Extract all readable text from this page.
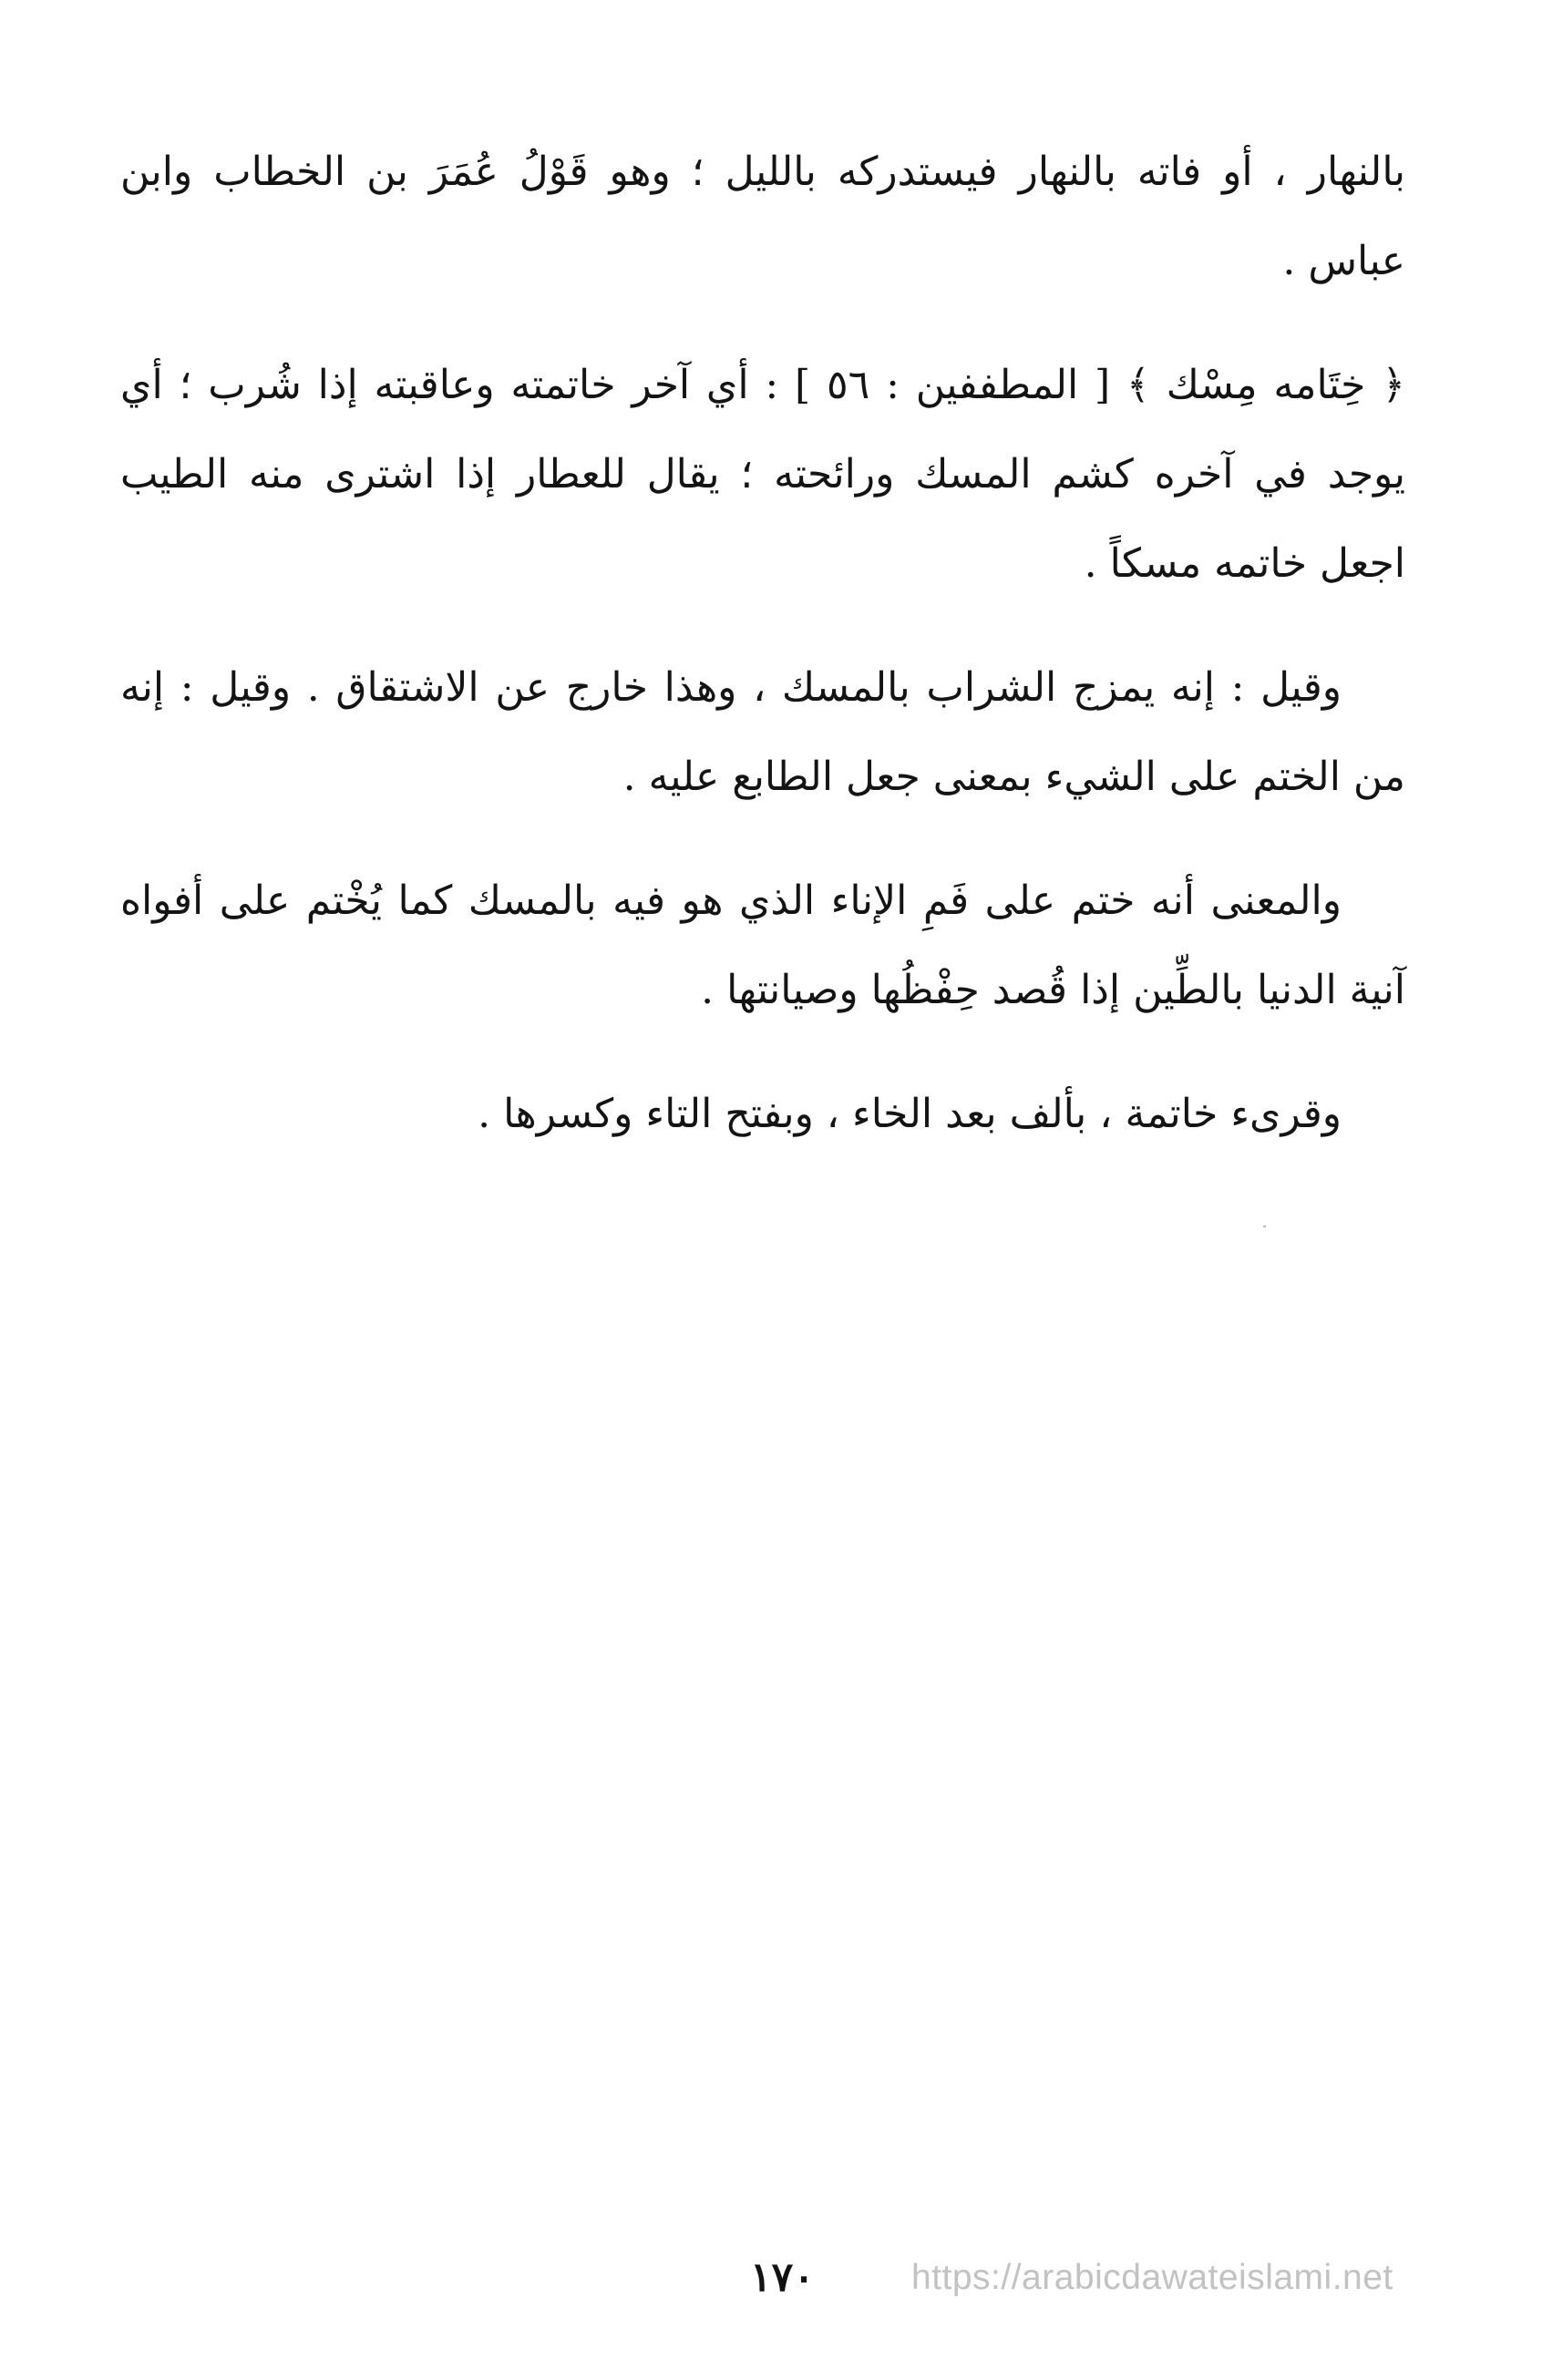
بالنهار ، أو فاته بالنهار فيستدركه بالليل ؛ وهو قَوْلُ عُمَرَ بن الخطاب وابن عباس .

﴿ خِتَامه مِسْك ﴾ [ المطففين : ٥٦ ] : أي آخر خاتمته وعاقبته إذا شُرب ؛ أي يوجد في آخره كشم المسك ورائحته ؛ يقال للعطار إذا اشترى منه الطيب اجعل خاتمه مسكاً .

وقيل : إنه يمزج الشراب بالمسك ، وهذا خارج عن الاشتقاق . وقيل : إنه من الختم على الشيء بمعنى جعل الطابع عليه .

والمعنى أنه ختم على فَمِ الإناء الذي هو فيه بالمسك كما يُخْتم على أفواه آنية الدنيا بالطِّين إذا قُصد حِفْظُها وصيانتها .

وقرىء خاتمة ، بألف بعد الخاء ، وبفتح التاء وكسرها .

١٧٠	https://arabicdawateislami.net
